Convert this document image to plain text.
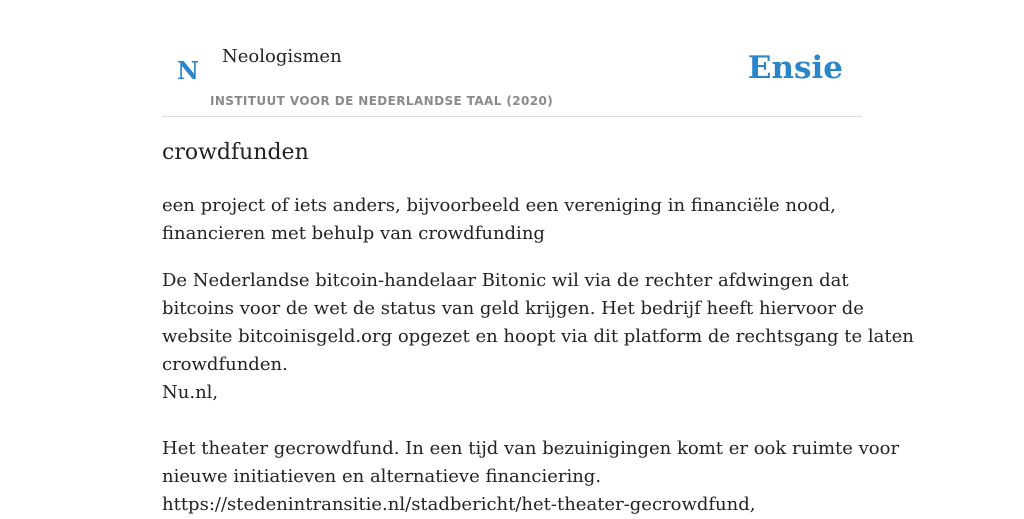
N Neologismen
INSTITUUT VOOR DE NEDERLANDSE TAAL (2020)
Ensie
crowdfunden
een project of iets anders, bijvoorbeeld een vereniging in financiële nood,
financieren met behulp van crowdfunding
De Nederlandse bitcoin-handelaar Bitonic wil via de rechter afdwingen dat
bitcoins voor de wet de status van geld krijgen. Het bedrijf heeft hiervoor de
website bitcoinisgeld.org opgezet en hoopt via dit platform de rechtsgang te laten
crowdfunden.
Nu.nl,

Het theater gecrowdfund. In een tijd van bezuinigingen komt er ook ruimte voor
nieuwe initiatieven en alternatieve financiering.
https://stedenintransitie.nl/stadbericht/het-theater-gecrowdfund,
